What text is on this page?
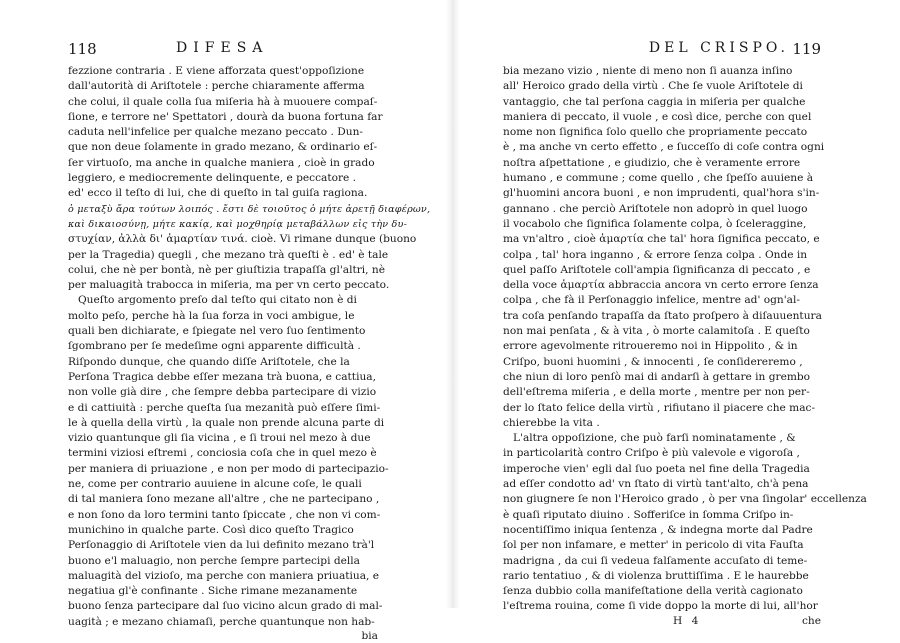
118	DIFESA
fezzione contraria . E viene afforzata quest'oppoſizione
dall'autorità di Ariſtotele : perche chiaramente afferma
che colui, il quale colla ſua miſeria hà à muouere compaſ-
ſione, e terrore ne' Spettatori , dourà da buona fortuna far
caduta nell'infelice per qualche mezano peccato . Dun-
que non deue ſolamente in grado mezano, & ordinario eſ-
ſer virtuoſo, ma anche in qualche maniera , cioè in grado
leggiero, e mediocremente delinquente, e peccatore .
ed' ecco il teſto di lui, che di queſto in tal guiſa ragiona.
ὁ μεταξὺ ἄρα τούτων λοιπός . ἔστι δὲ τοιοῦτος ὁ μήτε ἀρετῇ διαφέρων,
καὶ δικαιοσύνῃ, μήτε κακίᾳ, καὶ μοχθηρίᾳ μεταβάλλων εἰς τὴν δυ-
στυχίαν, ἀλλὰ δι' ἁμαρτίαν τινά. cioè. Vi rimane dunque (buono
per la Tragedia) quegli , che mezano trà queſti è . ed' è tale
colui, che nè per bontà, nè per giuſtizia trapaſſa gl'altri, nè
per maluagità trabocca in miſeria, ma per vn certo peccato.
Queſto argomento preſo dal teſto qui citato non è di
molto peſo, perche hà la ſua forza in voci ambigue, le
quali ben dichiarate, e ſpiegate nel vero ſuo ſentimento
ſgombrano per ſe medeſime ogni apparente difficultà .
Riſpondo dunque, che quando diſſe Ariſtotele, che la
Perſona Tragica debbe eſſer mezana trà buona, e cattiua,
non volle già dire , che ſempre debba partecipare di vizio
e di cattiuità : perche queſta ſua mezanità può eſſere ſimi-
le à quella della virtù , la quale non prende alcuna parte di
vizio quantunque gli ſia vicina , e ſi troui nel mezo à due
termini viziosi eſtremi , conciosia coſa che in quel mezo è
per maniera di priuazione , e non per modo di partecipazio-
ne, come per contrario auuiene in alcune coſe, le quali
di tal maniera ſono mezane all'altre , che ne partecipano ,
e non ſono da loro termini tanto ſpiccate , che non vi com-
munichino in qualche parte. Così dico queſto Tragico
Perſonaggio di Ariſtotele vien da lui definito mezano trà'l
buono e'l maluagio, non perche ſempre partecipi della
maluagità del vizioſo, ma perche con maniera priuatiua, e
negatiua gl'è confinante . Siche rimane mezanamente
buono ſenza partecipare dal ſuo vicino alcun grado di mal-
uagità ; e mezano chiamaſi, perche quantunque non hab-
bia
DEL CRISPO. 119
bia mezano vizio , niente di meno non ſi auanza inſino
all' Heroico grado della virtù . Che ſe vuole Ariſtotele di
vantaggio, che tal perſona caggia in miſeria per qualche
maniera di peccato, il vuole , e così dice, perche con quel
nome non ſignifica ſolo quello che propriamente peccato
è , ma anche vn certo effetto , e ſucceſſo di coſe contra ogni
noſtra aſpettatione , e giudizio, che è veramente errore
humano , e commune ; come quello , che ſpeſſo auuiene à
gl'huomini ancora buoni , e non imprudenti, qual'hora s'in-
gannano . che perciò Ariſtotele non adoprò in quel luogo
il vocabolo che ſignifica ſolamente colpa, ò ſceleraggine,
ma vn'altro , cioè ἁμαρτία che tal' hora ſignifica peccato, e
colpa , tal' hora inganno , & errore ſenza colpa . Onde in
quel paſſo Ariſtotele coll'ampia ſignificanza di peccato , e
della voce ἁμαρτία abbraccia ancora vn certo errore ſenza
colpa , che fà il Perſonaggio infelice, mentre ad' ogn'al-
tra coſa penſando trapaſſa da ſtato proſpero à diſauuentura
non mai penſata , & à vita , ò morte calamitoſa . E queſto
errore agevolmente ritroueremo noi in Hippolito , & in
Criſpo, buoni huomini , & innocenti , ſe conſidereremo ,
che niun di loro penſò mai di andarſi à gettare in grembo
dell'eſtrema miſeria , e della morte , mentre per non per-
der lo ſtato felice della virtù , rifiutano il piacere che mac-
chierebbe la vita .
L'altra oppoſizione, che può farſi nominatamente , &
in particolarità contro Criſpo è più valevole e vigoroſa ,
imperoche vien' egli dal ſuo poeta nel fine della Tragedia
ad eſſer condotto ad' vn ſtato di virtù tant'alto, ch'à pena
non giugnere ſe non l'Heroico grado , ò per vna ſingolar' eccellenza
è quaſi riputato diuino . Sofferiſce in ſomma Criſpo in-
nocentiſſimo iniqua ſentenza , & indegna morte dal Padre
ſol per non infamare, e metter' in pericolo di vita Fauſta
madrigna , da cui ſi vedeua falſamente accuſato di teme-
rario tentatiuo , & di violenza bruttiſſima . E le haurebbe
ſenza dubbio colla manifeſtatione della verità cagionato
l'eſtrema rouina, come ſi vide doppo la morte di lui, all'hor
H 4	che
